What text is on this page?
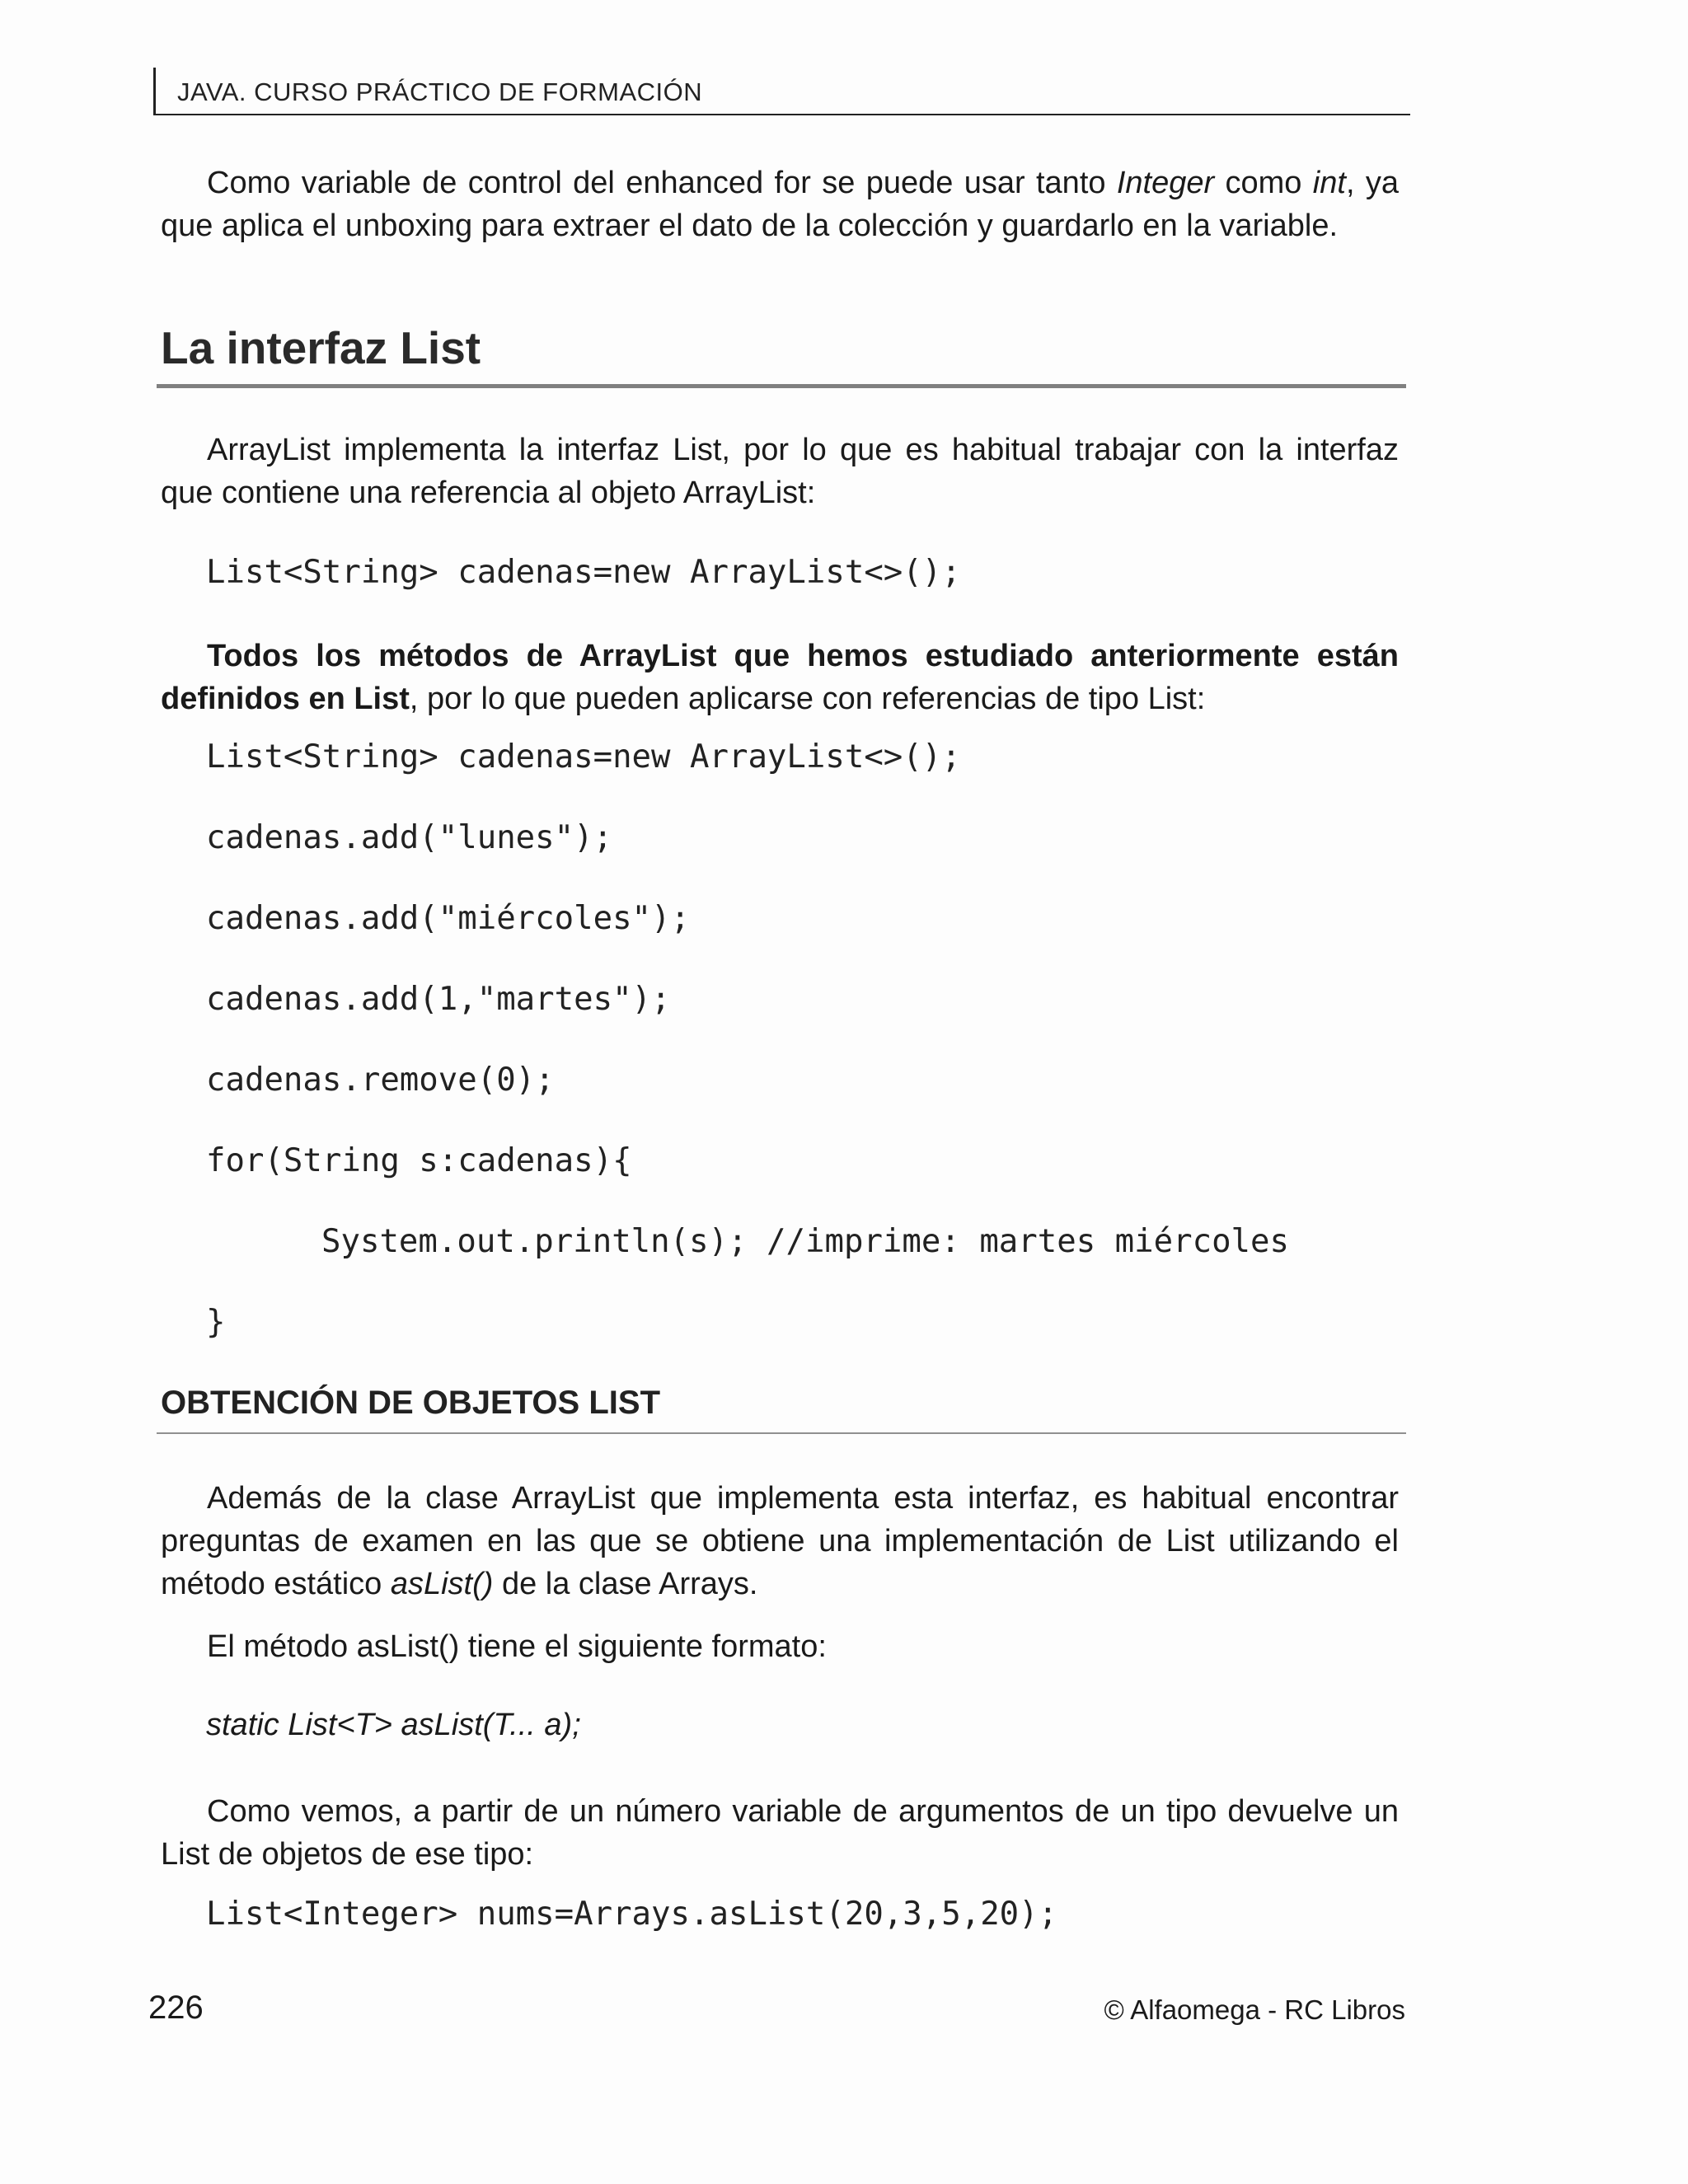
JAVA. CURSO PRÁCTICO DE FORMACIÓN

Como variable de control del enhanced for se puede usar tanto Integer como int, ya que aplica el unboxing para extraer el dato de la colección y guardarlo en la variable.

La interfaz List

ArrayList implementa la interfaz List, por lo que es habitual trabajar con la interfaz que contiene una referencia al objeto ArrayList:

List<String> cadenas=new ArrayList<>();

Todos los métodos de ArrayList que hemos estudiado anteriormente están definidos en List, por lo que pueden aplicarse con referencias de tipo List:

List<String> cadenas=new ArrayList<>();
cadenas.add("lunes");
cadenas.add("miércoles");
cadenas.add(1,"martes");
cadenas.remove(0);
for(String s:cadenas){
System.out.println(s); //imprime: martes miércoles
}
OBTENCIÓN DE OBJETOS LIST

Además de la clase ArrayList que implementa esta interfaz, es habitual encontrar preguntas de examen en las que se obtiene una implementación de List utilizando el método estático asList() de la clase Arrays.

El método asList() tiene el siguiente formato:

static List<T> asList(T... a);

Como vemos, a partir de un número variable de argumentos de un tipo devuelve un List de objetos de ese tipo:

List<Integer> nums=Arrays.asList(20,3,5,20);
226	© Alfaomega - RC Libros
